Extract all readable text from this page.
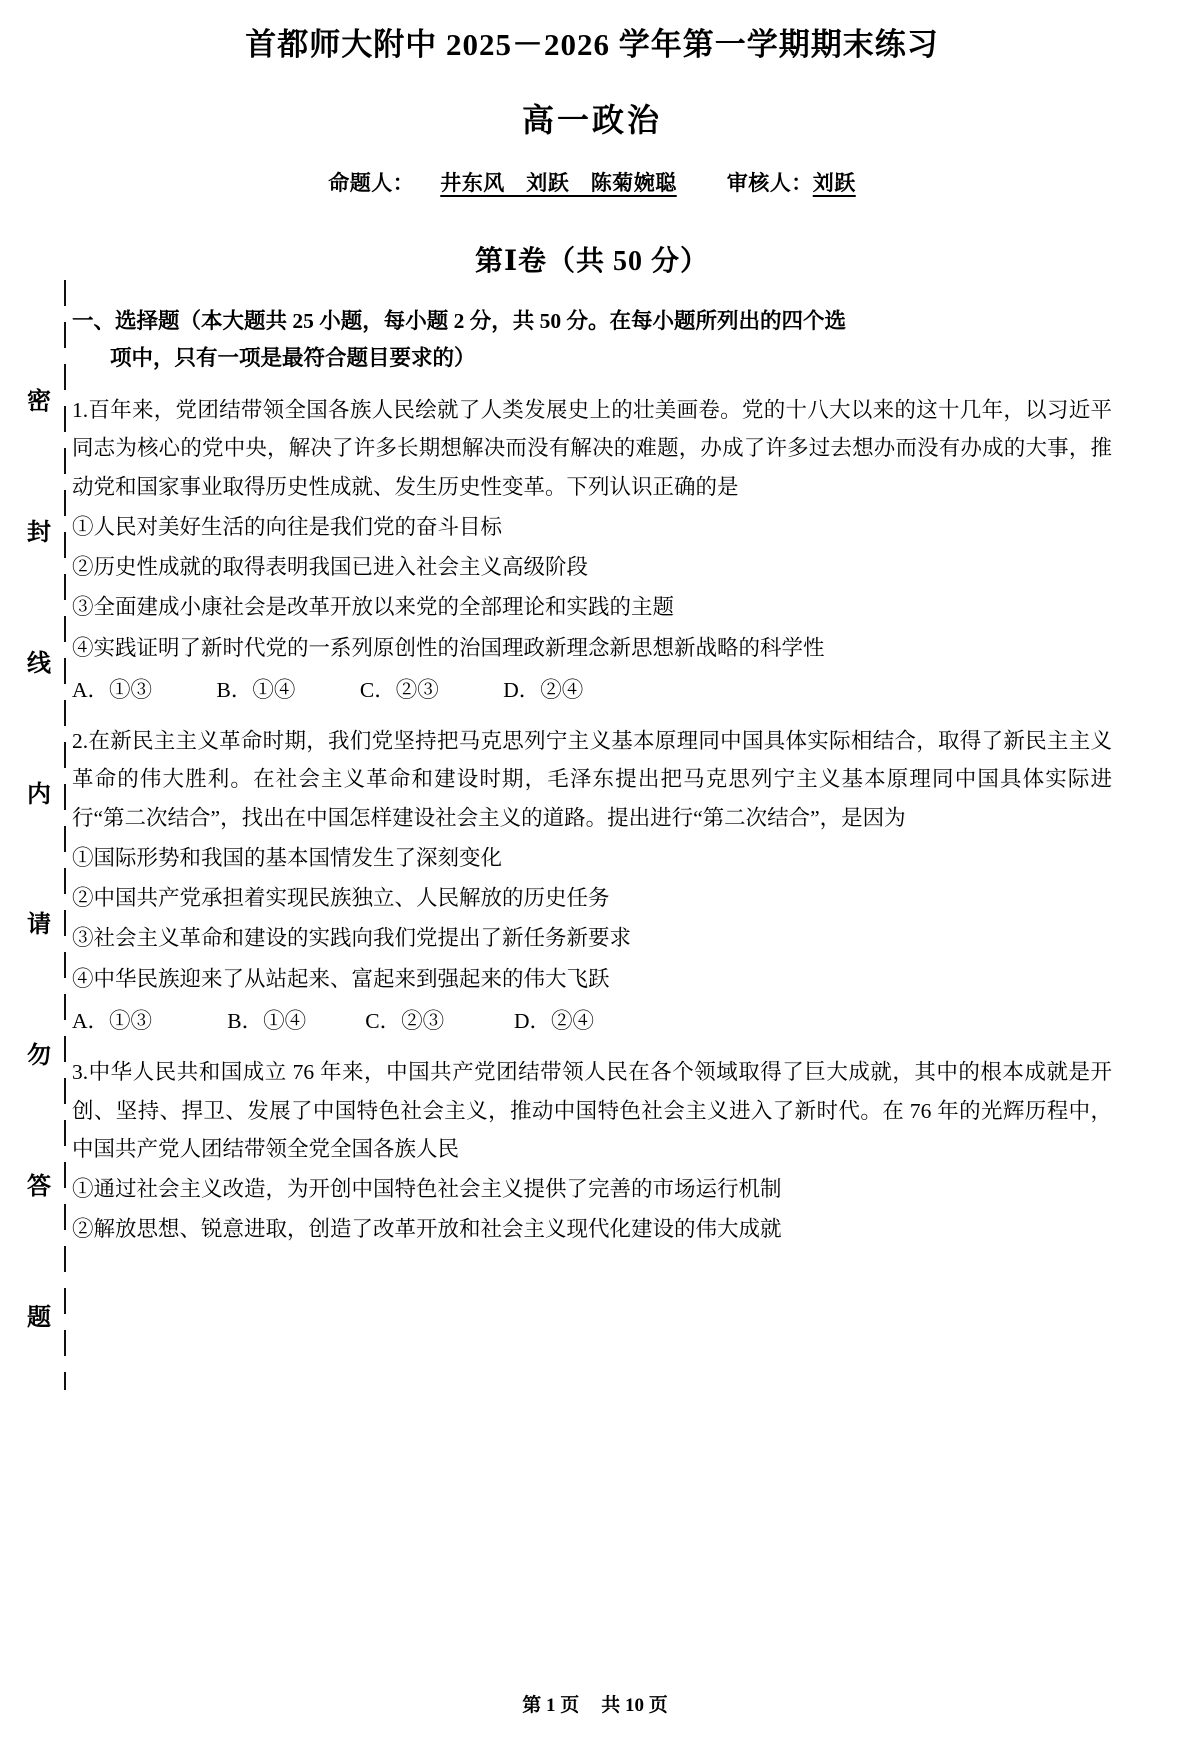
密
封
线
内
请
勿
答
题
首都师大附中 2025－2026 学年第一学期期末练习
高一政治
命题人： 井东风　刘跃　陈菊婉聪 审核人：刘跃
第Ⅰ卷（共 50 分）
一、选择题（本大题共 25 小题，每小题 2 分，共 50 分。在每小题所列出的四个选
项中，只有一项是最符合题目要求的）
1.百年来，党团结带领全国各族人民绘就了人类发展史上的壮美画卷。党的十八大以来的这十几年，以习近平同志为核心的党中央，解决了许多长期想解决而没有解决的难题，办成了许多过去想办而没有办成的大事，推动党和国家事业取得历史性成就、发生历史性变革。下列认识正确的是
①人民对美好生活的向往是我们党的奋斗目标
②历史性成就的取得表明我国已进入社会主义高级阶段
③全面建成小康社会是改革开放以来党的全部理论和实践的主题
④实践证明了新时代党的一系列原创性的治国理政新理念新思想新战略的科学性
A．①③            B．①④            C．②③            D．②④
2.在新民主主义革命时期，我们党坚持把马克思列宁主义基本原理同中国具体实际相结合，取得了新民主主义革命的伟大胜利。在社会主义革命和建设时期，毛泽东提出把马克思列宁主义基本原理同中国具体实际进行“第二次结合”，找出在中国怎样建设社会主义的道路。提出进行“第二次结合”，是因为
①国际形势和我国的基本国情发生了深刻变化
②中国共产党承担着实现民族独立、人民解放的历史任务
③社会主义革命和建设的实践向我们党提出了新任务新要求
④中华民族迎来了从站起来、富起来到强起来的伟大飞跃
A．①③              B．①④           C．②③             D．②④
3.中华人民共和国成立 76 年来，中国共产党团结带领人民在各个领域取得了巨大成就，其中的根本成就是开创、坚持、捍卫、发展了中国特色社会主义，推动中国特色社会主义进入了新时代。在 76 年的光辉历程中，中国共产党人团结带领全党全国各族人民
①通过社会主义改造，为开创中国特色社会主义提供了完善的市场运行机制
②解放思想、锐意进取，创造了改革开放和社会主义现代化建设的伟大成就
第 1 页 共 10 页
